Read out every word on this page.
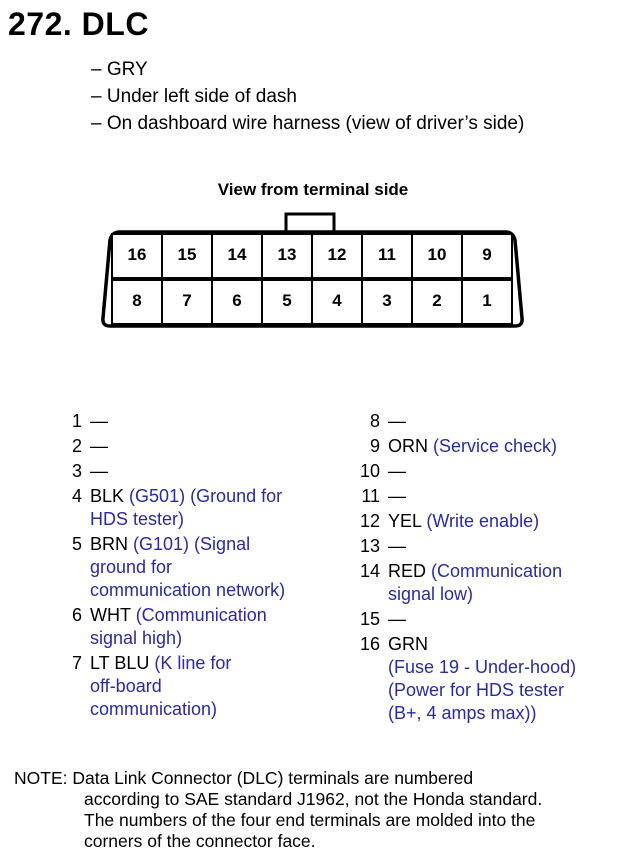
272. DLC
– GRY
– Under left side of dash
– On dashboard wire harness (view of driver’s side)
View from terminal side
16	15	14	13	12	11	10	9
8	7	6	5	4	3	2	1
1 —
2 —
3 —
4 BLK (G501) (Ground for
HDS tester)
5 BRN (G101) (Signal
ground for
communication network)
6 WHT (Communication
signal high)
7 LT BLU (K line for
off-board
communication)
8 —
9 ORN (Service check)
10 —
11 —
12 YEL (Write enable)
13 —
14 RED (Communication
signal low)
15 —
16 GRN
(Fuse 19 - Under-hood)
(Power for HDS tester
(B+, 4 amps max))
NOTE: Data Link Connector (DLC) terminals are numbered
according to SAE standard J1962, not the Honda standard.
The numbers of the four end terminals are molded into the
corners of the connector face.
